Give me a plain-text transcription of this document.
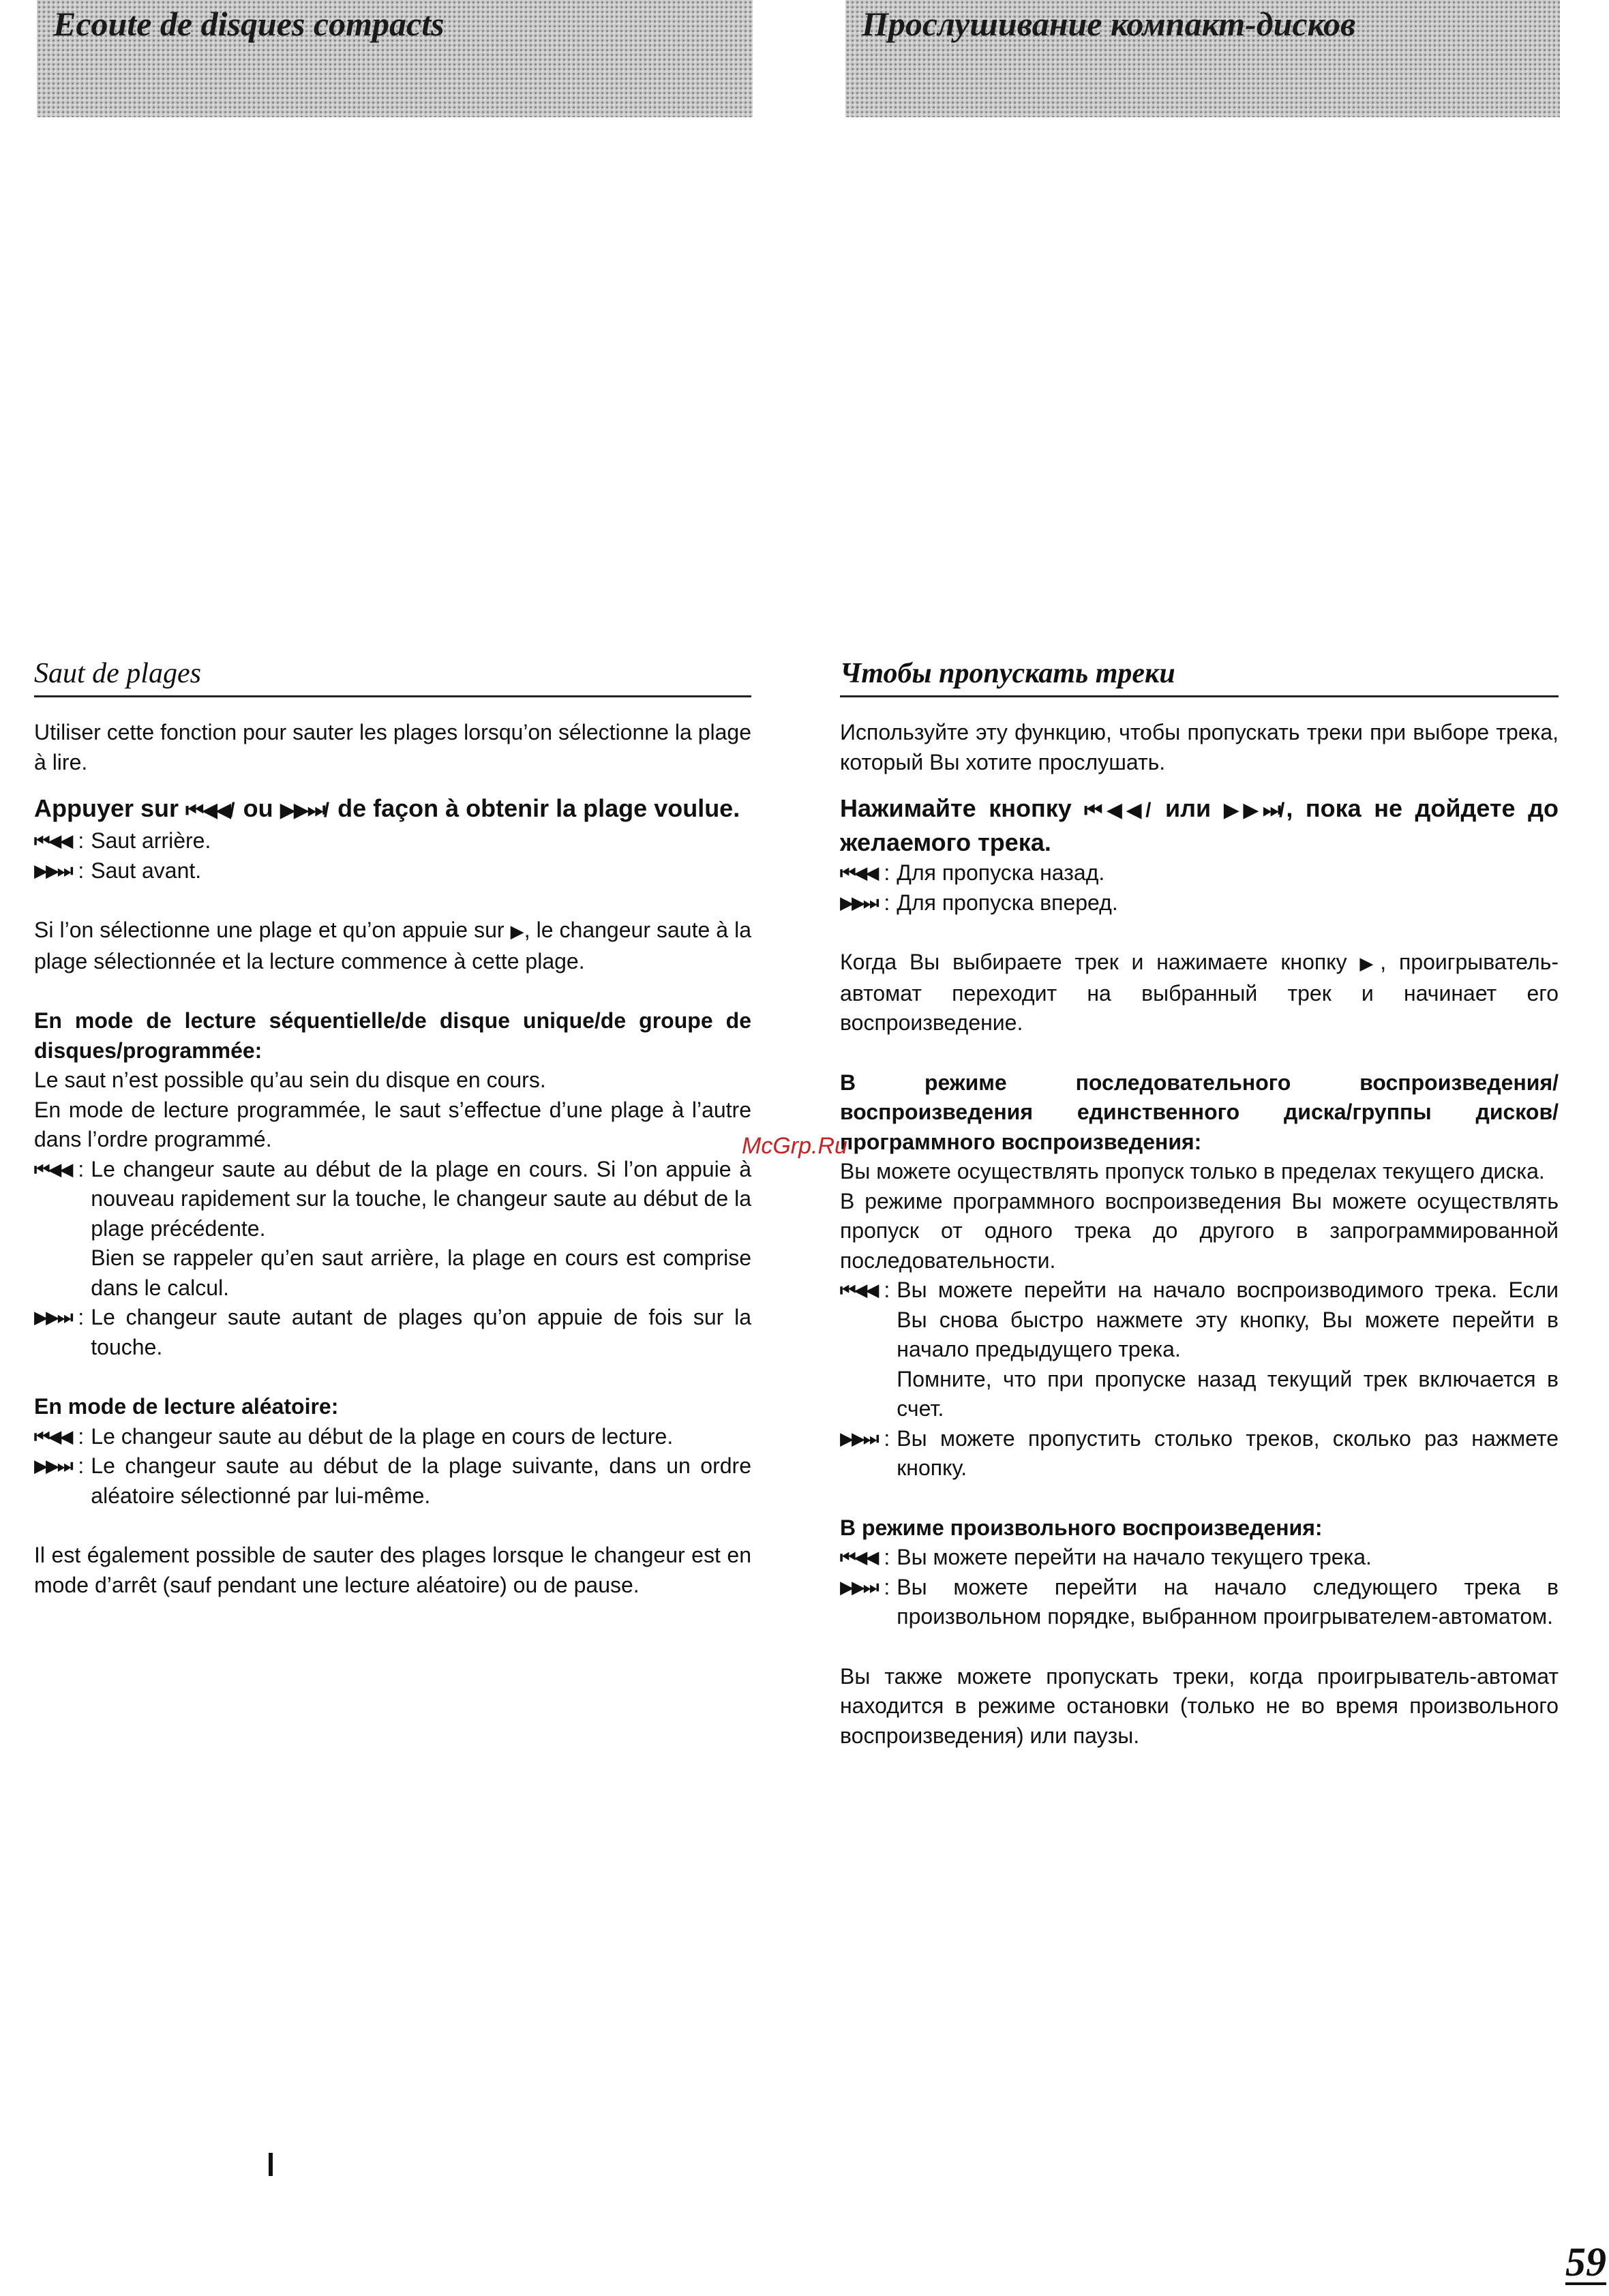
Ecoute de disques compacts	Прослушивание компакт-дисков
Saut de plages

Utiliser cette fonction pour sauter les plages lorsqu’on sélectionne la plage à lire.

Appuyer sur ⏮◀◀/ ou ▶▶⏭/ de façon à obtenir la plage voulue.

⏮◀◀ : Saut arrière.
▶▶⏭ : Saut avant.

Si l’on sélectionne une plage et qu’on appuie sur ▶, le changeur saute à la plage sélectionnée et la lecture commence à cette plage.

En mode de lecture séquentielle/de disque unique/de groupe de disques/programmée:

Le saut n’est possible qu’au sein du disque en cours.

En mode de lecture programmée, le saut s’effectue d’une plage à l’autre dans l’ordre programmé.

⏮◀◀ : Le changeur saute au début de la plage en cours. Si l’on appuie à nouveau rapidement sur la touche, le changeur saute au début de la plage précédente.

Bien se rappeler qu’en saut arrière, la plage en cours est comprise dans le calcul.

▶▶⏭ : Le changeur saute autant de plages qu’on appuie de fois sur la touche.

En mode de lecture aléatoire:

⏮◀◀ : Le changeur saute au début de la plage en cours de lecture.
▶▶⏭ : Le changeur saute au début de la plage suivante, dans un ordre aléatoire sélectionné par lui-même.

Il est également possible de sauter des plages lorsque le changeur est en mode d’arrêt (sauf pendant une lecture aléatoire) ou de pause.

Чтобы пропускать треки

Используйте эту функцию, чтобы пропускать треки при выборе трека, который Вы хотите прослушать.

Нажимайте кнопку ⏮◀◀/ или ▶▶⏭/, пока не дойдете до желаемого трека.

⏮◀◀ : Для пропуска назад.
▶▶⏭ : Для пропуска вперед.

Когда Вы выбираете трек и нажимаете кнопку ▶, проигрыватель-автомат переходит на выбранный трек и начинает его воспроизведение.

В режиме последовательного воспроизведения/воспроизведения единственного диска/группы дисков/программного воспроизведения:

Вы можете осуществлять пропуск только в пределах текущего диска.

В режиме программного воспроизведения Вы можете осуществлять пропуск от одного трека до другого в запрограммированной последовательности.

⏮◀◀ : Вы можете перейти на начало воспроизводимого трека. Если Вы снова быстро нажмете эту кнопку, Вы можете перейти в начало предыдущего трека.

Помните, что при пропуске назад текущий трек включается в счет.

▶▶⏭ : Вы можете пропустить столько треков, сколько раз нажмете кнопку.

В режиме произвольного воспроизведения:

⏮◀◀ : Вы можете перейти на начало текущего трека.
▶▶⏭ : Вы можете перейти на начало следующего трека в произвольном порядке, выбранном проигрывателем-автоматом.

Вы также можете пропускать треки, когда проигрыватель-автомат находится в режиме остановки (только не во время произвольного воспроизведения) или паузы.

McGrp.Ru
59
